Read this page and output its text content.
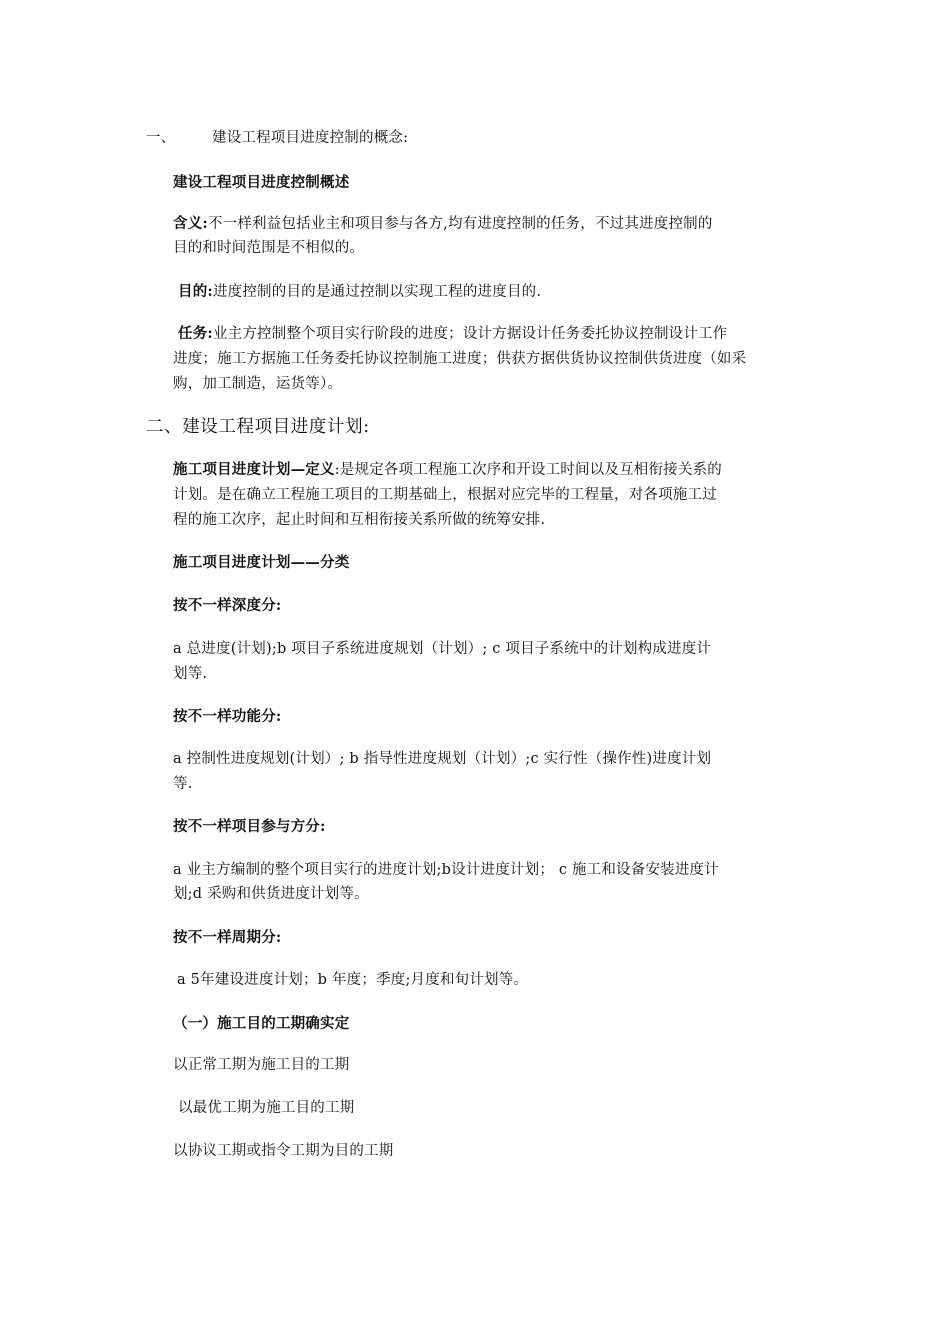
一、	建设工程项目进度控制的概念:
建设工程项目进度控制概述
含义:不一样利益包括业主和项目参与各方,均有进度控制的任务，不过其进度控制的
目的和时间范围是不相似的。
目的:进度控制的目的是通过控制以实现工程的进度目的.
任务:业主方控制整个项目实行阶段的进度；设计方据设计任务委托协议控制设计工作
进度；施工方据施工任务委托协议控制施工进度；供获方据供货协议控制供货进度（如采
购，加工制造，运货等）。
二、建设工程项目进度计划:
施工项目进度计划—定义:是规定各项工程施工次序和开设工时间以及互相衔接关系的
计划。是在确立工程施工项目的工期基础上，根据对应完毕的工程量，对各项施工过
程的施工次序，起止时间和互相衔接关系所做的统筹安排.
施工项目进度计划——分类
按不一样深度分:
a 总进度(计划);b 项目子系统进度规划（计划）; c 项目子系统中的计划构成进度计
划等.
按不一样功能分:
a 控制性进度规划(计划）; b 指导性进度规划（计划）;c 实行性（操作性)进度计划
等.
按不一样项目参与方分:
a 业主方编制的整个项目实行的进度计划;b设计进度计划； c 施工和设备安装进度计
划;d 采购和供货进度计划等。
按不一样周期分:
a 5年建设进度计划；b 年度；季度;月度和旬计划等。
（一）施工目的工期确实定
以正常工期为施工目的工期
以最优工期为施工目的工期
以协议工期或指令工期为目的工期
